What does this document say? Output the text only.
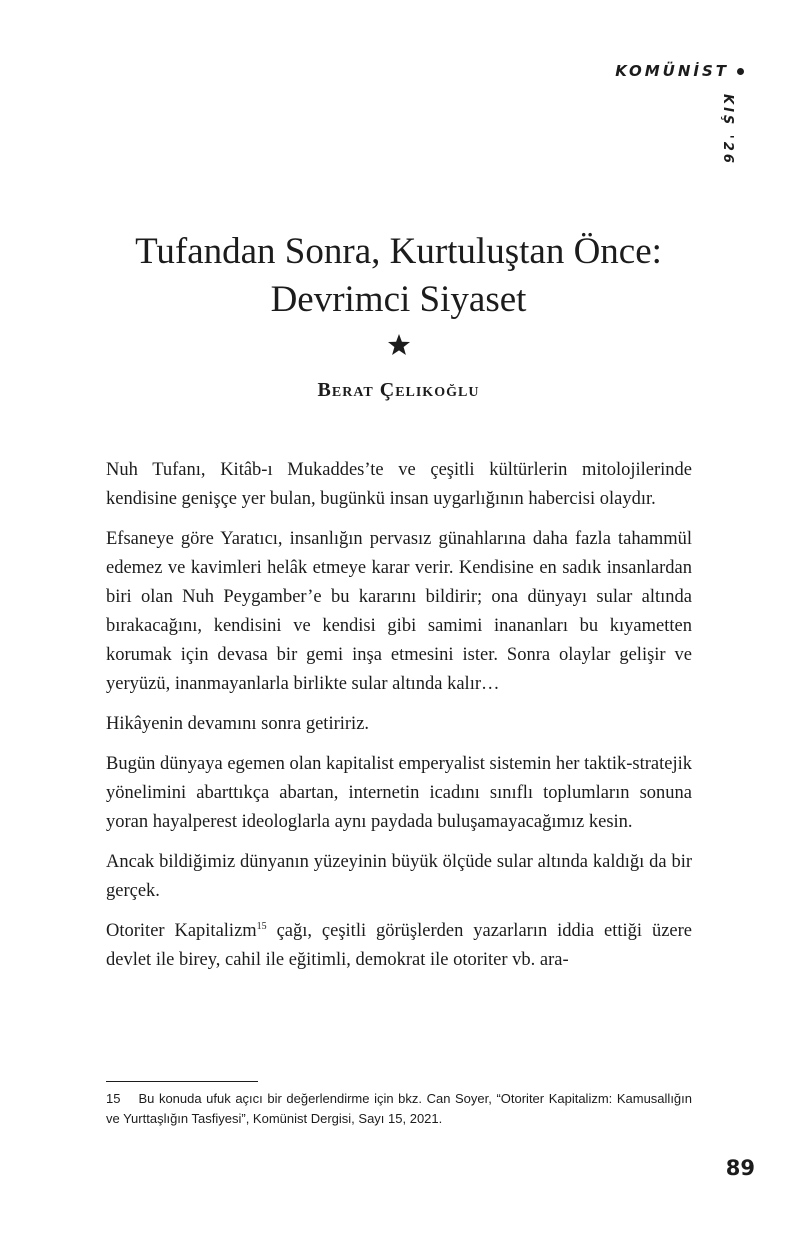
KOMÜNİST
KIŞ '26
Tufandan Sonra, Kurtuluştan Önce:
Devrimci Siyaset
Berat Çelikoğlu

Nuh Tufanı, Kitâb-ı Mukaddes’te ve çeşitli kültürlerin mitolojilerinde kendisine genişçe yer bulan, bugünkü insan uygarlığının habercisi olaydır.

Efsaneye göre Yaratıcı, insanlığın pervasız günahlarına daha fazla tahammül edemez ve kavimleri helâk etmeye karar verir. Kendisine en sadık insanlardan biri olan Nuh Peygamber’e bu kararını bildirir; ona dünyayı sular altında bırakacağını, kendisini ve kendisi gibi samimi inananları bu kıyametten korumak için devasa bir gemi inşa etmesini ister. Sonra olaylar gelişir ve yeryüzü, inanmayanlarla birlikte sular altında kalır…

Hikâyenin devamını sonra getiririz.

Bugün dünyaya egemen olan kapitalist emperyalist sistemin her taktik-stratejik yönelimini abarttıkça abartan, internetin icadını sınıflı toplumların sonuna yoran hayalperest ideologlarla aynı paydada buluşamayacağımız kesin.

Ancak bildiğimiz dünyanın yüzeyinin büyük ölçüde sular altında kaldığı da bir gerçek.

Otoriter Kapitalizm$^{15}$ çağı, çeşitli görüşlerden yazarların iddia ettiği üzere devlet ile birey, cahil ile eğitimli, demokrat ile otoriter vb. ara-

15 Bu konuda ufuk açıcı bir değerlendirme için bkz. Can Soyer, “Otoriter Kapitalizm: Kamusallığın ve Yurttaşlığın Tasfiyesi”, Komünist Dergisi, Sayı 15, 2021.
89
